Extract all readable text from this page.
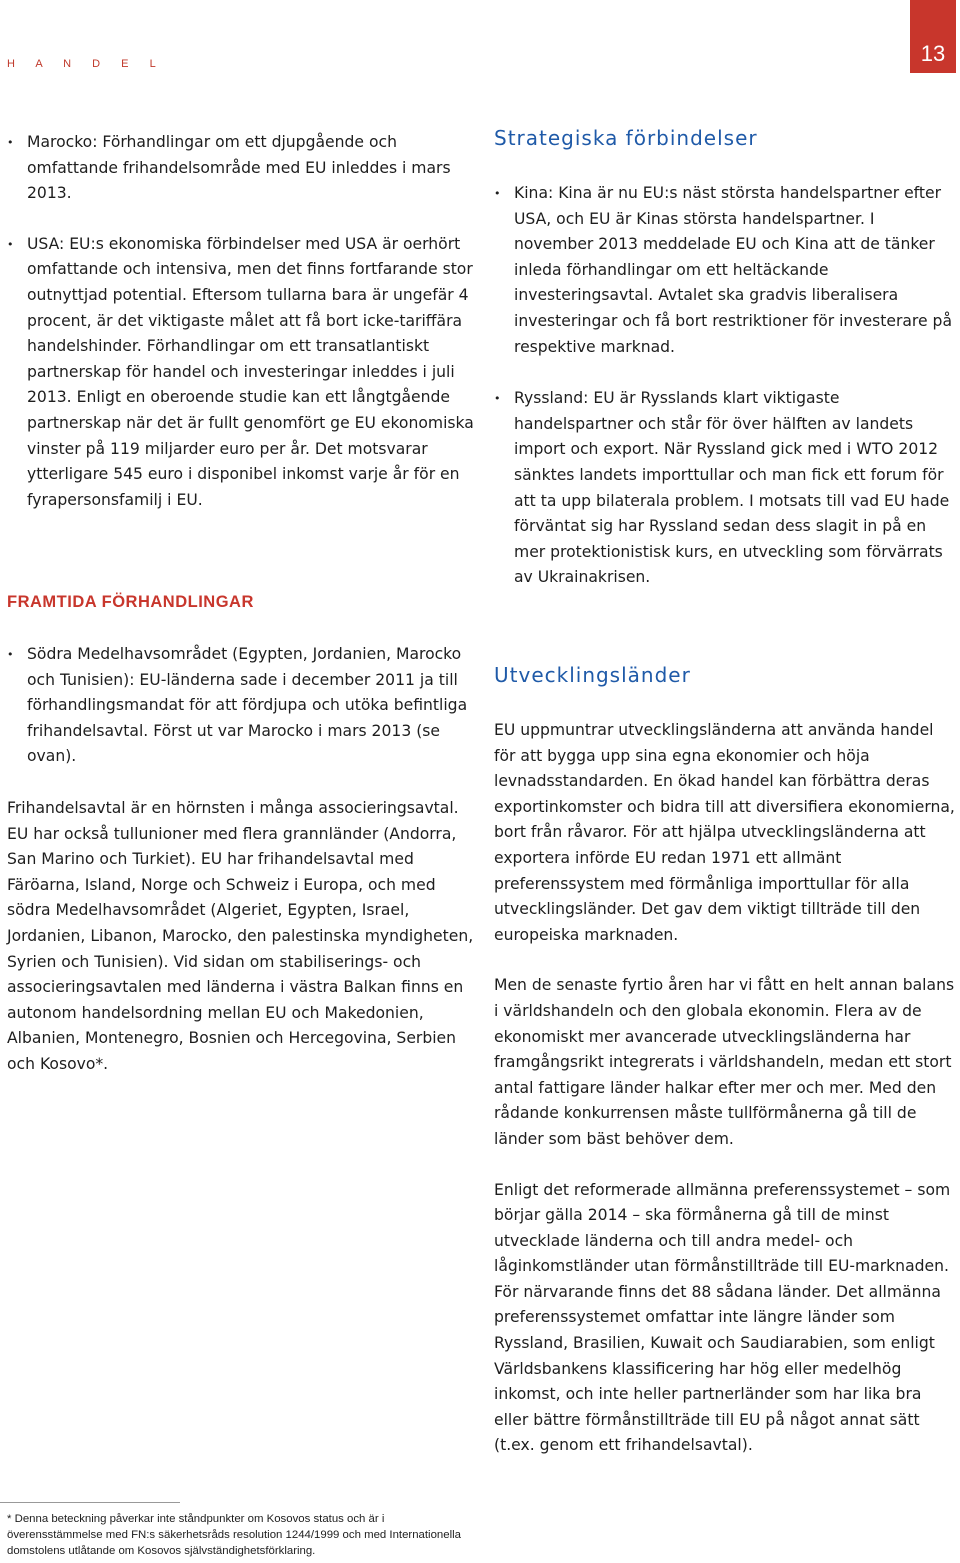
H A N D E L	13
• Marocko: Förhandlingar om ett djupgående och omfattande frihandelsområde med EU inleddes i mars 2013.
• USA: EU:s ekonomiska förbindelser med USA är oerhört omfattande och intensiva, men det finns fortfarande stor outnyttjad potential. Eftersom tullarna bara är ungefär 4 procent, är det viktigaste målet att få bort icke-tariffära handelshinder. Förhandlingar om ett transatlantiskt partnerskap för handel och investeringar inleddes i juli 2013. Enligt en oberoende studie kan ett långtgående partnerskap när det är fullt genomfört ge EU ekonomiska vinster på 119 miljarder euro per år. Det motsvarar ytterligare 545 euro i disponibel inkomst varje år för en fyrapersonsfamilj i EU.
FRAMTIDA FÖRHANDLINGAR
• Södra Medelhavsområdet (Egypten, Jordanien, Marocko och Tunisien): EU-länderna sade i december 2011 ja till förhandlingsmandat för att fördjupa och utöka befintliga frihandelsavtal. Först ut var Marocko i mars 2013 (se ovan).

Frihandelsavtal är en hörnsten i många associeringsavtal. EU har också tullunioner med flera grannländer (Andorra, San Marino och Turkiet). EU har frihandelsavtal med Färöarna, Island, Norge och Schweiz i Europa, och med södra Medelhavsområdet (Algeriet, Egypten, Israel, Jordanien, Libanon, Marocko, den palestinska myndigheten, Syrien och Tunisien). Vid sidan om stabiliserings- och associeringsavtalen med länderna i västra Balkan finns en autonom handelsordning mellan EU och Makedonien, Albanien, Montenegro, Bosnien och Hercegovina, Serbien och Kosovo*.

Strategiska förbindelser
• Kina: Kina är nu EU:s näst största handelspartner efter USA, och EU är Kinas största handelspartner. I november 2013 meddelade EU och Kina att de tänker inleda förhandlingar om ett heltäckande investeringsavtal. Avtalet ska gradvis liberalisera investeringar och få bort restriktioner för investerare på respektive marknad.
• Ryssland: EU är Rysslands klart viktigaste handelspartner och står för över hälften av landets import och export. När Ryssland gick med i WTO 2012 sänktes landets importtullar och man fick ett forum för att ta upp bilaterala problem. I motsats till vad EU hade förväntat sig har Ryssland sedan dess slagit in på en mer protektionistisk kurs, en utveckling som förvärrats av Ukrainakrisen.
Utvecklingsländer

EU uppmuntrar utvecklingsländerna att använda handel för att bygga upp sina egna ekonomier och höja levnadsstandarden. En ökad handel kan förbättra deras exportinkomster och bidra till att diversifiera ekonomierna, bort från råvaror. För att hjälpa utvecklingsländerna att exportera införde EU redan 1971 ett allmänt preferenssystem med förmånliga importtullar för alla utvecklingsländer. Det gav dem viktigt tillträde till den europeiska marknaden.

Men de senaste fyrtio åren har vi fått en helt annan balans i världshandeln och den globala ekonomin. Flera av de ekonomiskt mer avancerade utvecklingsländerna har framgångsrikt integrerats i världshandeln, medan ett stort antal fattigare länder halkar efter mer och mer. Med den rådande konkurrensen måste tullförmånerna gå till de länder som bäst behöver dem.

Enligt det reformerade allmänna preferenssystemet – som börjar gälla 2014 – ska förmånerna gå till de minst utvecklade länderna och till andra medel- och låginkomstländer utan förmånstillträde till EU-marknaden. För närvarande finns det 88 sådana länder. Det allmänna preferenssystemet omfattar inte längre länder som Ryssland, Brasilien, Kuwait och Saudiarabien, som enligt Världsbankens klassificering har hög eller medelhög inkomst, och inte heller partnerländer som har lika bra eller bättre förmånstillträde till EU på något annat sätt (t.ex. genom ett frihandelsavtal).

* Denna beteckning påverkar inte ståndpunkter om Kosovos status och är i överensstämmelse med FN:s säkerhetsråds resolution 1244/1999 och med Internationella domstolens utlåtande om Kosovos självständighetsförklaring.
